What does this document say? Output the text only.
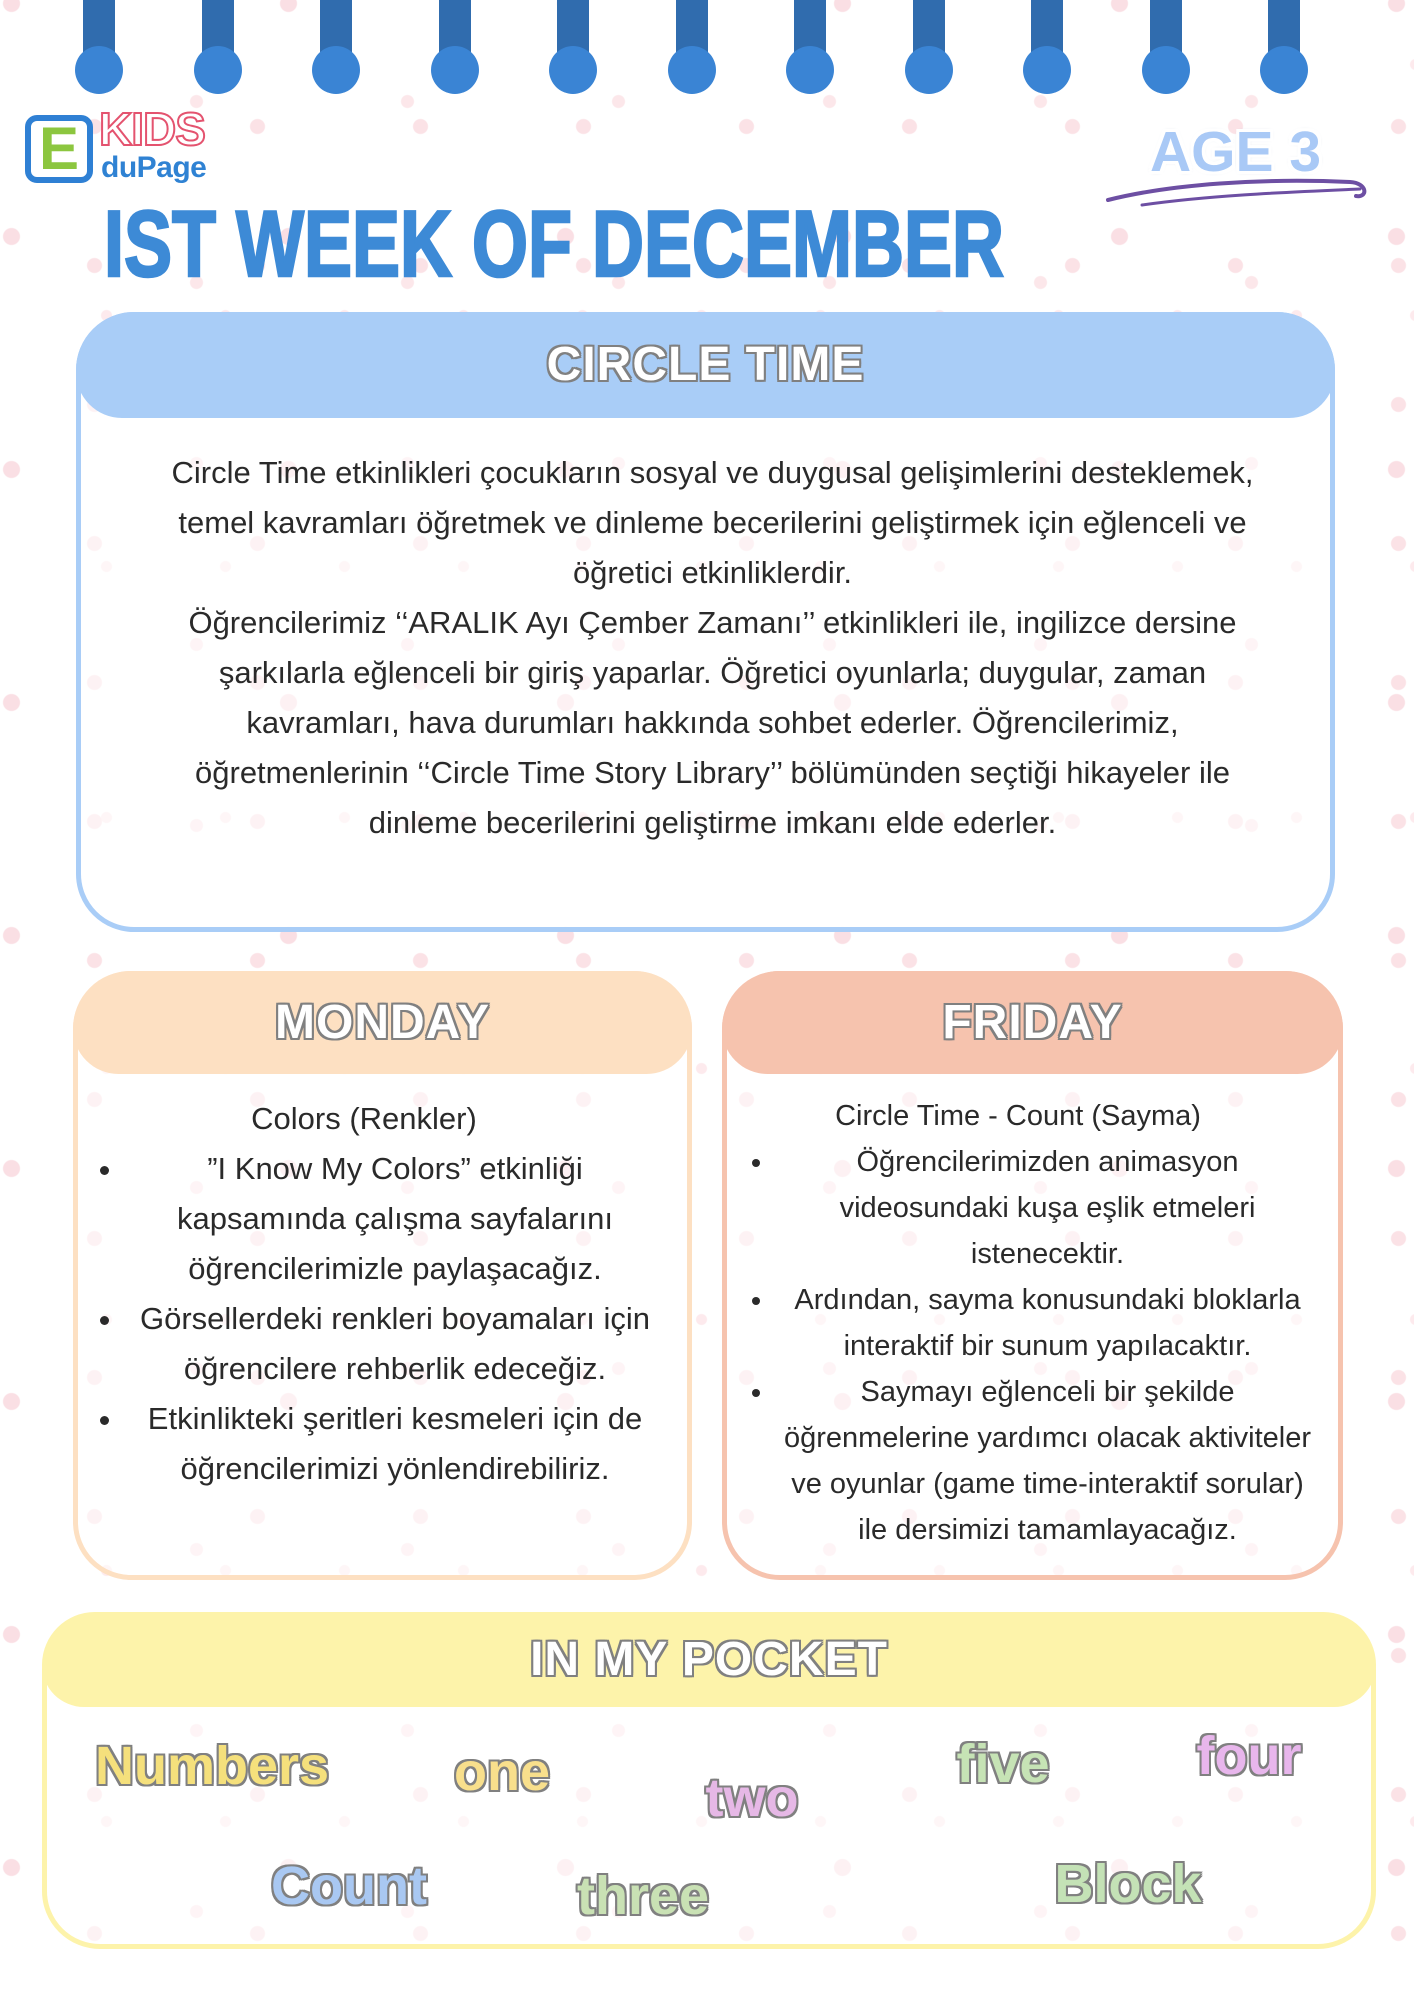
E KIDS
duPage	AGE 3
IST WEEK OF DECEMBER
CIRCLE TIME

Circle Time etkinlikleri çocukların sosyal ve duygusal gelişimlerini desteklemek, temel kavramları öğretmek ve dinleme becerilerini geliştirmek için eğlenceli ve öğretici etkinliklerdir.

Öğrencilerimiz ‘‘ARALIK Ayı Çember Zamanı’’ etkinlikleri ile, ingilizce dersine şarkılarla eğlenceli bir giriş yaparlar. Öğretici oyunlarla; duygular, zaman kavramları, hava durumları hakkında sohbet ederler. Öğrencilerimiz, öğretmenlerinin ‘‘Circle Time Story Library’’ bölümünden seçtiği hikayeler ile dinleme becerilerini geliştirme imkanı elde ederler.

MONDAY
Colors (Renkler)
• ”I Know My Colors” etkinliği kapsamında çalışma sayfalarını öğrencilerimizle paylaşacağız.
• Görsellerdeki renkleri boyamaları için öğrencilere rehberlik edeceğiz.
• Etkinlikteki şeritleri kesmeleri için de öğrencilerimizi yönlendirebiliriz.
FRIDAY
Circle Time - Count (Sayma)
• Öğrencilerimizden animasyon videosundaki kuşa eşlik etmeleri istenecektir.
• Ardından, sayma konusundaki bloklarla interaktif bir sunum yapılacaktır.
• Saymayı eğlenceli bir şekilde öğrenmelerine yardımcı olacak aktiviteler ve oyunlar (game time-interaktif sorular) ile dersimizi tamamlayacağız.
IN MY POCKET
Numbers one	two
five	four
Count	three	Block
